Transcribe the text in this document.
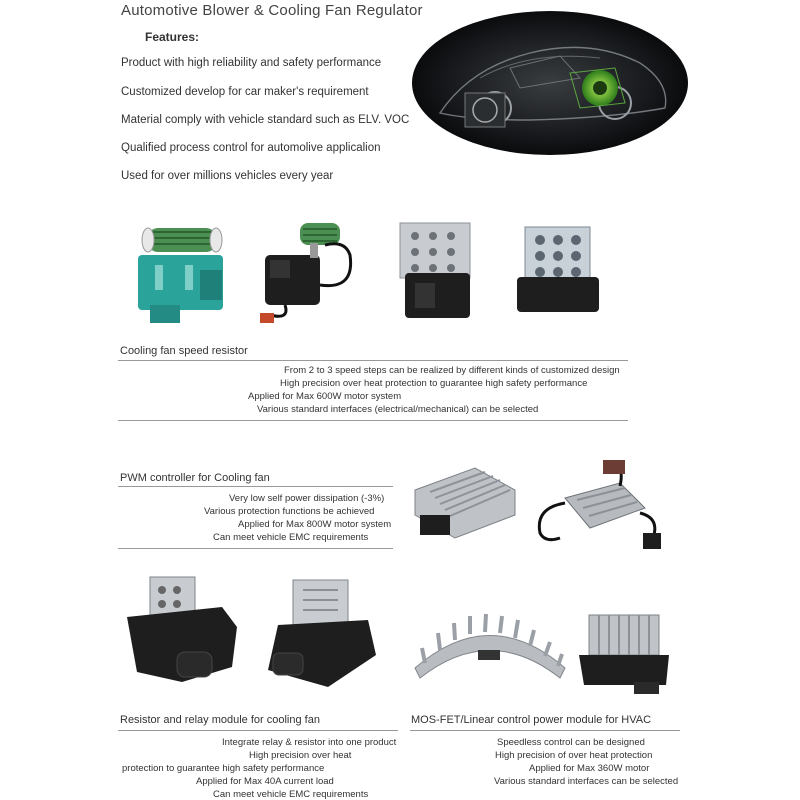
Automotive Blower & Cooling Fan Regulator
Features:
Product with high reliability and safety performance
Customized develop for car maker's requirement
Material comply with vehicle standard such as ELV. VOC
Qualified process control for automolive applicalion
Used for over millions vehicles every year
Cooling fan speed resistor
From 2 to 3 speed steps can be realized by different kinds of customized design
High precision over heat protection to guarantee high safety performance
Applied for Max 600W motor system
Various standard interfaces (electrical/mechanical) can be selected
PWM controller for Cooling fan
Very low self power dissipation (-3%)
Various protection functions be achieved
Applied for Max 800W motor system
Can meet vehicle EMC requirements
Resistor and relay module for cooling fan
Integrate relay & resistor into one product
High precision over heat
protection to guarantee high safety performance
Applied for Max 40A current load
Can meet vehicle EMC requirements
MOS-FET/Linear control power module for HVAC
Speedless control can be designed
High precision of over heat protection
Applied for Max 360W motor
Various standard interfaces can be selected
